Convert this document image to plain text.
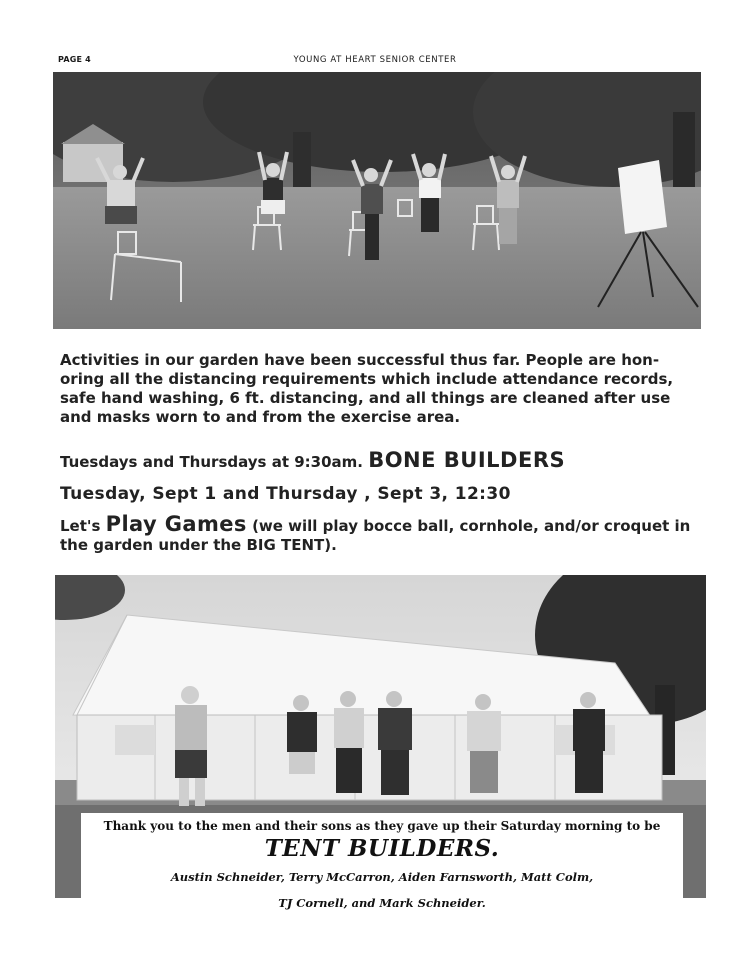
PAGE 4	YOUNG AT HEART SENIOR CENTER
Activities in our garden have been successful thus far. People are hon-oring all the distancing requirements which include attendance records, safe hand washing, 6 ft. distancing, and all things are cleaned after use and masks worn to and from the exercise area.
Tuesdays and Thursdays at 9:30am. BONE BUILDERS
Tuesday, Sept 1 and Thursday , Sept 3, 12:30
Let's Play Games (we will play bocce ball, cornhole, and/or croquet in the garden under the BIG TENT).
Thank you to the men and their sons as they gave up their Saturday morning to be
TENT BUILDERS.
Austin Schneider, Terry McCarron, Aiden Farnsworth, Matt Colm,
TJ Cornell, and Mark Schneider.
